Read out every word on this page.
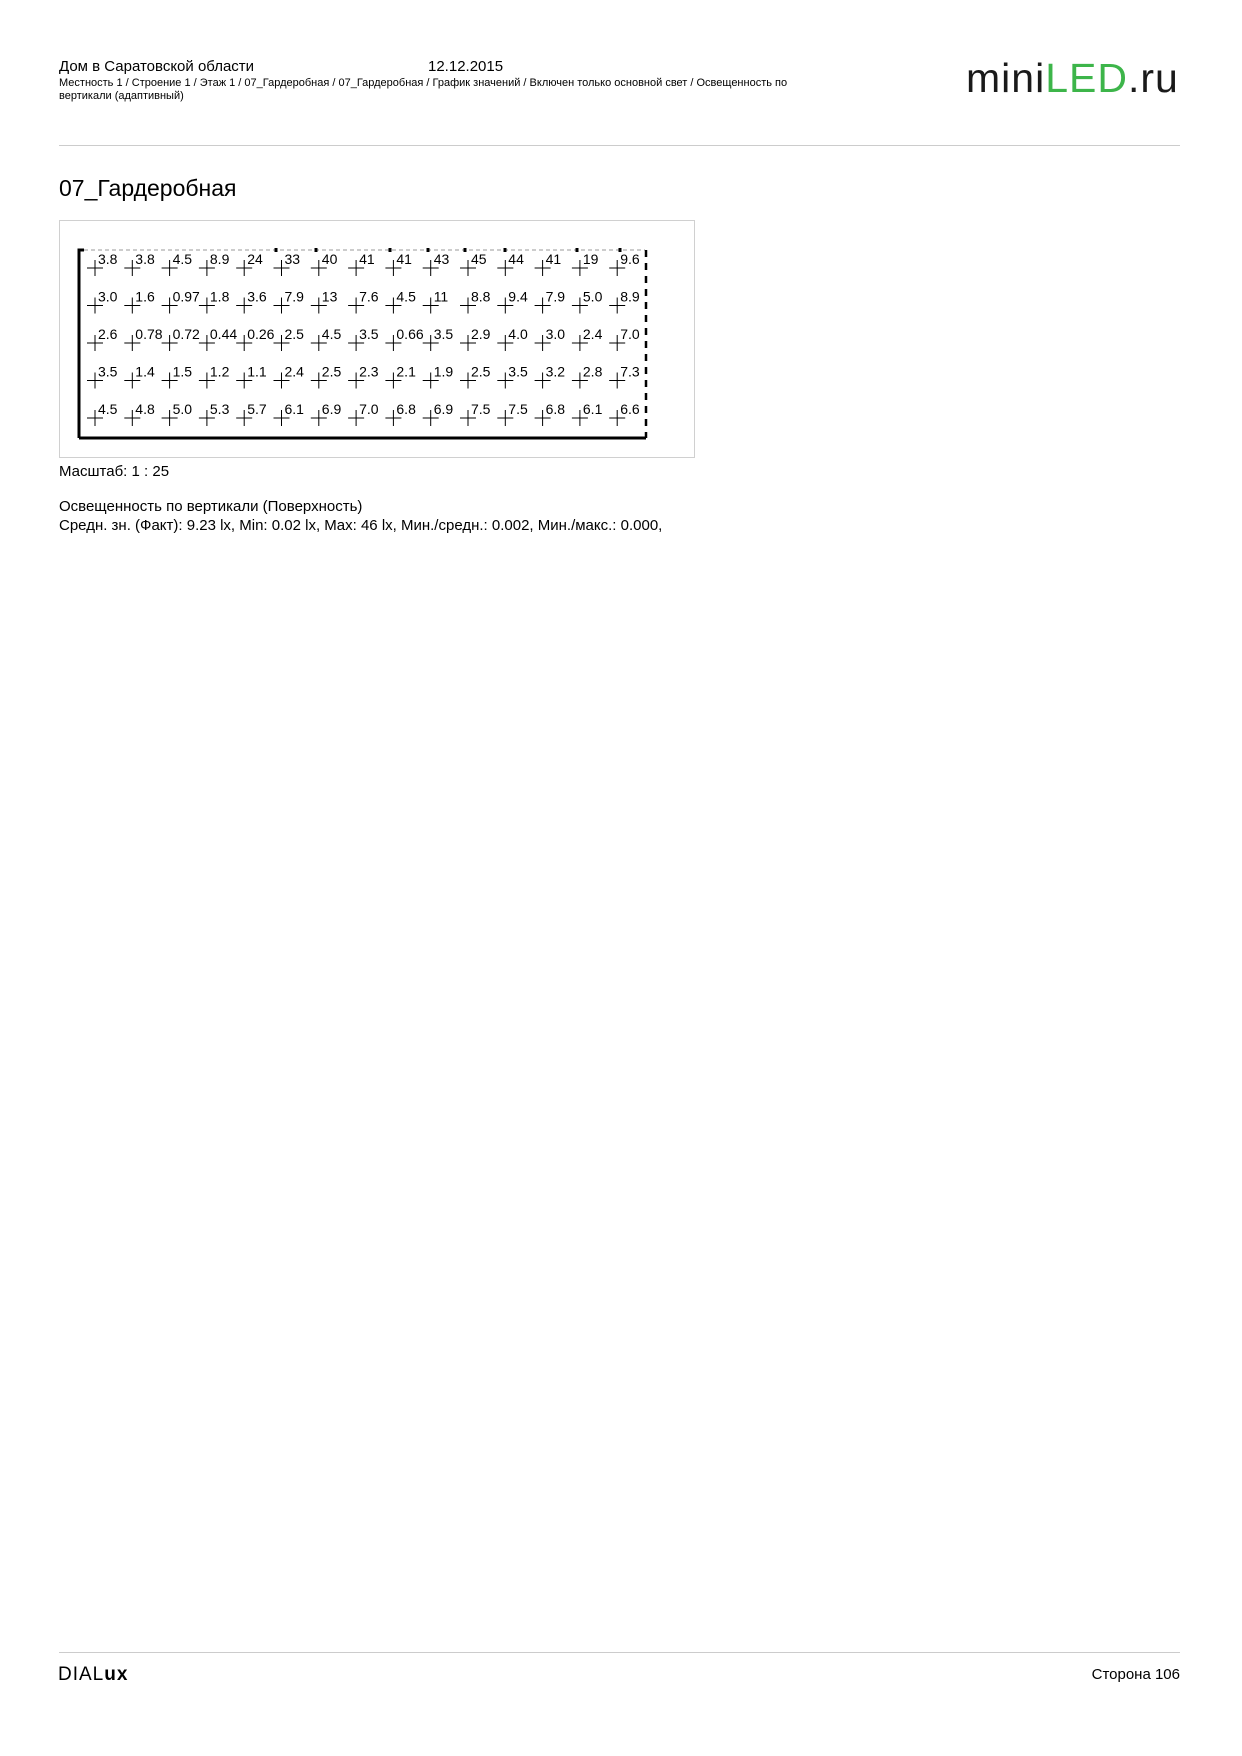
Дом в Саратовской области	12.12.2015
Местность 1 / Строение 1 / Этаж 1 / 07_Гардеробная / 07_Гардеробная / График значений / Включен только основной свет / Освещенность по вертикали (адаптивный)	miniLED.ru
07_Гардеробная
3.8 3.8 4.5 8.9 24 33 40 41 41 43 45 44 41 19 9.6
3.0 1.6 0.97 1.8 3.6 7.9 13 7.6 4.5 11 8.8 9.4 7.9 5.0 8.9
2.6 0.78 0.72 0.44 0.26 2.5 4.5 3.5 0.66 3.5 2.9 4.0 3.0 2.4 7.0
3.5 1.4 1.5 1.2 1.1 2.4 2.5 2.3 2.1 1.9 2.5 3.5 3.2 2.8 7.3
4.5 4.8 5.0 5.3 5.7 6.1 6.9 7.0 6.8 6.9 7.5 7.5 6.8 6.1 6.6
Масштаб: 1 : 25
Освещенность по вертикали (Поверхность)
Средн. зн. (Факт): 9.23 lx, Min: 0.02 lx, Max: 46 lx, Мин./средн.: 0.002, Мин./макс.: 0.000,
DIALux	Сторона 106
